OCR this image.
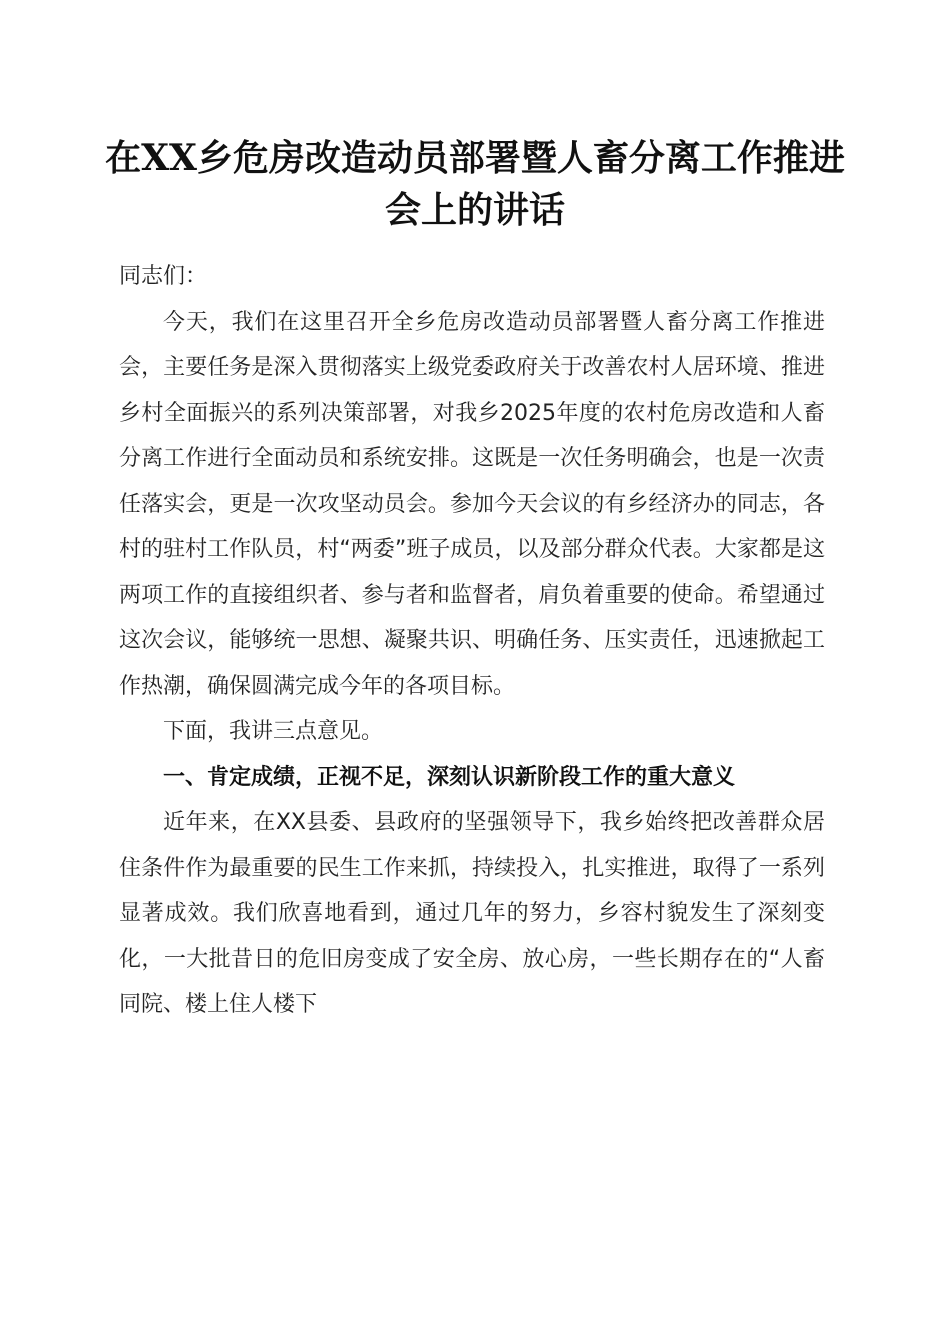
在XX乡危房改造动员部署暨人畜分离工作推进会上的讲话

同志们：

今天，我们在这里召开全乡危房改造动员部署暨人畜分离工作推进会，主要任务是深入贯彻落实上级党委政府关于改善农村人居环境、推进乡村全面振兴的系列决策部署，对我乡2025年度的农村危房改造和人畜分离工作进行全面动员和系统安排。这既是一次任务明确会，也是一次责任落实会，更是一次攻坚动员会。参加今天会议的有乡经济办的同志，各村的驻村工作队员，村“两委”班子成员，以及部分群众代表。大家都是这两项工作的直接组织者、参与者和监督者，肩负着重要的使命。希望通过这次会议，能够统一思想、凝聚共识、明确任务、压实责任，迅速掀起工作热潮，确保圆满完成今年的各项目标。

下面，我讲三点意见。

一、肯定成绩，正视不足，深刻认识新阶段工作的重大意义

近年来，在XX县委、县政府的坚强领导下，我乡始终把改善群众居住条件作为最重要的民生工作来抓，持续投入，扎实推进，取得了一系列显著成效。我们欣喜地看到，通过几年的努力，乡容村貌发生了深刻变化，一大批昔日的危旧房变成了安全房、放心房，一些长期存在的“人畜同院、楼上住人楼下
